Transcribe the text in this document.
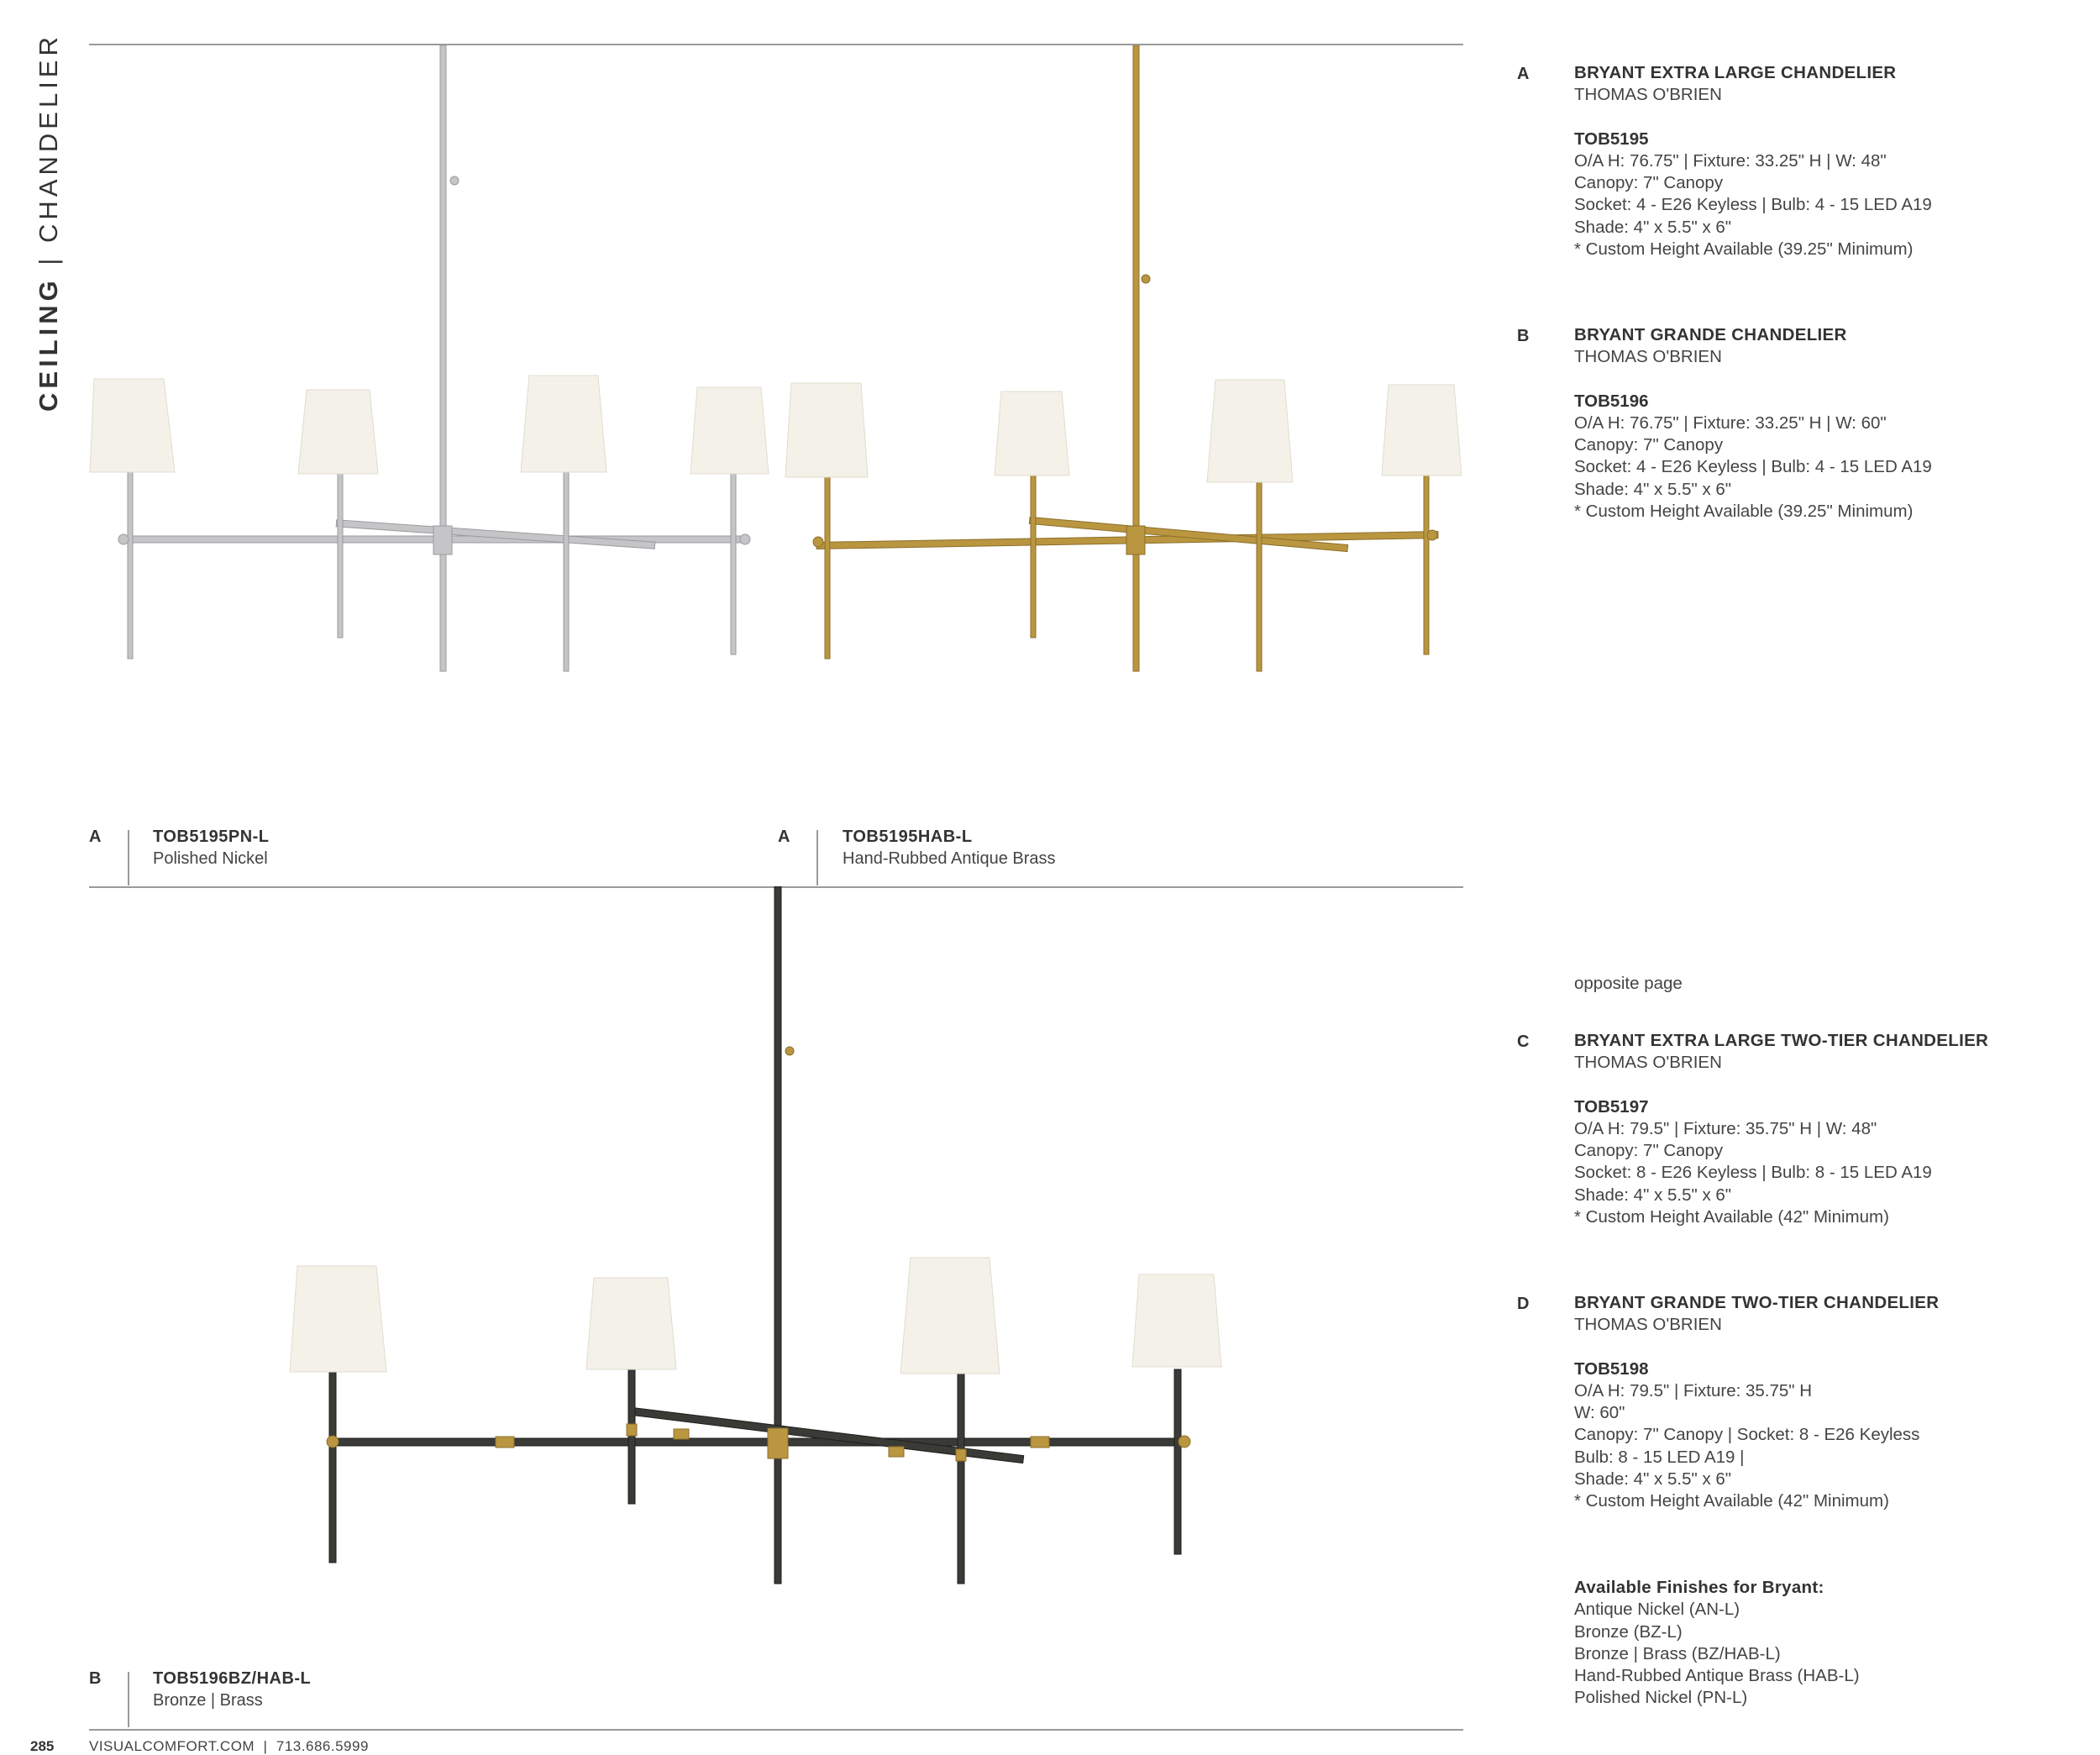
CEILING | CHANDELIER
A	TOB5195PN-L
Polished Nickel
A	TOB5195HAB-L
Hand-Rubbed Antique Brass
B	TOB5196BZ/HAB-L
Bronze | Brass
A	BRYANT EXTRA LARGE CHANDELIER
THOMAS O'BRIEN
TOB5195
O/A H: 76.75" | Fixture: 33.25" H | W: 48"
Canopy: 7" Canopy
Socket: 4 - E26 Keyless | Bulb: 4 - 15 LED A19
Shade: 4" x 5.5" x 6"
* Custom Height Available (39.25" Minimum)
B	BRYANT GRANDE CHANDELIER
THOMAS O'BRIEN
TOB5196
O/A H: 76.75" | Fixture: 33.25" H | W: 60"
Canopy: 7" Canopy
Socket: 4 - E26 Keyless | Bulb: 4 - 15 LED A19
Shade: 4" x 5.5" x 6"
* Custom Height Available (39.25" Minimum)
opposite page
C	BRYANT EXTRA LARGE TWO-TIER CHANDELIER
THOMAS O'BRIEN
TOB5197
O/A H: 79.5" | Fixture: 35.75" H | W: 48"
Canopy: 7" Canopy
Socket: 8 - E26 Keyless | Bulb: 8 - 15 LED A19
Shade: 4" x 5.5" x 6"
* Custom Height Available (42" Minimum)
D	BRYANT GRANDE TWO-TIER CHANDELIER
THOMAS O'BRIEN
TOB5198
O/A H: 79.5" | Fixture: 35.75" H
W: 60"
Canopy: 7" Canopy | Socket: 8 - E26 Keyless
Bulb: 8 - 15 LED A19 |
Shade: 4" x 5.5" x 6"
* Custom Height Available (42" Minimum)
Available Finishes for Bryant:
Antique Nickel (AN-L)
Bronze (BZ-L)
Bronze | Brass (BZ/HAB-L)
Hand-Rubbed Antique Brass (HAB-L)
Polished Nickel (PN-L)
285 VISUALCOMFORT.COM  |  713.686.5999
